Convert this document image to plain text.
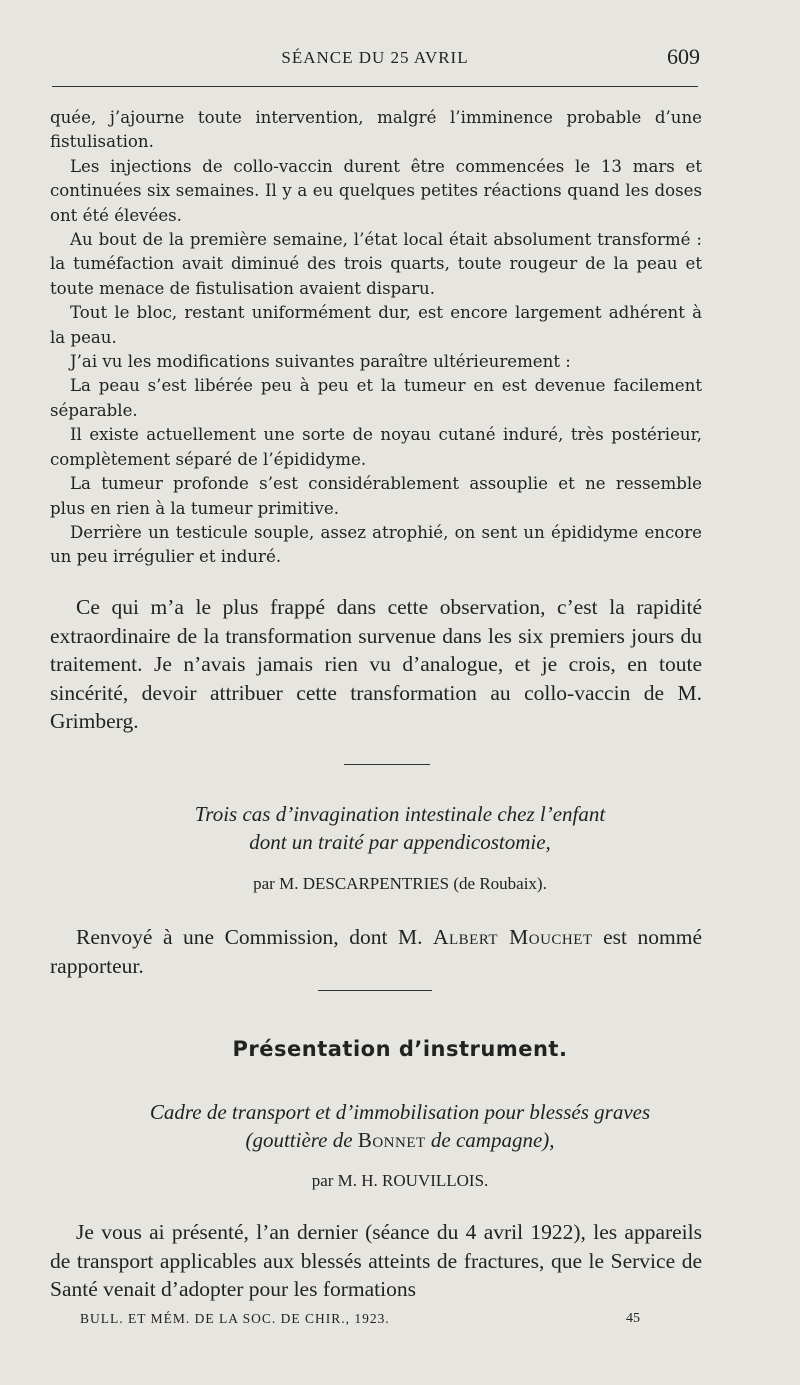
SÉANCE DU 25 AVRIL	609

quée, j’ajourne toute intervention, malgré l’imminence probable d’une fistulisation.

Les injections de collo-vaccin durent être commencées le 13 mars et continuées six semaines. Il y a eu quelques petites réactions quand les doses ont été élevées.

Au bout de la première semaine, l’état local était absolument transformé : la tuméfaction avait diminué des trois quarts, toute rougeur de la peau et toute menace de fistulisation avaient disparu.

Tout le bloc, restant uniformément dur, est encore largement adhérent à la peau.

J’ai vu les modifications suivantes paraître ultérieurement :

La peau s’est libérée peu à peu et la tumeur en est devenue facilement séparable.

Il existe actuellement une sorte de noyau cutané induré, très postérieur, complètement séparé de l’épididyme.

La tumeur profonde s’est considérablement assouplie et ne ressemble plus en rien à la tumeur primitive.

Derrière un testicule souple, assez atrophié, on sent un épididyme encore un peu irrégulier et induré.

Ce qui m’a le plus frappé dans cette observation, c’est la rapidité extraordinaire de la transformation survenue dans les six premiers jours du traitement. Je n’avais jamais rien vu d’analogue, et je crois, en toute sincérité, devoir attribuer cette transformation au collo-vaccin de M. Grimberg.

Trois cas d’invagination intestinale chez l’enfant
dont un traité par appendicostomie,
par M. DESCARPENTRIES (de Roubaix).

Renvoyé à une Commission, dont M. Albert Mouchet est nommé rapporteur.

Présentation d’instrument.
Cadre de transport et d’immobilisation pour blessés graves
(gouttière de Bonnet de campagne),
par M. H. ROUVILLOIS.

Je vous ai présenté, l’an dernier (séance du 4 avril 1922), les appareils de transport applicables aux blessés atteints de fractures, que le Service de Santé venait d’adopter pour les formations

BULL. ET MÉM. DE LA SOC. DE CHIR., 1923.	45
